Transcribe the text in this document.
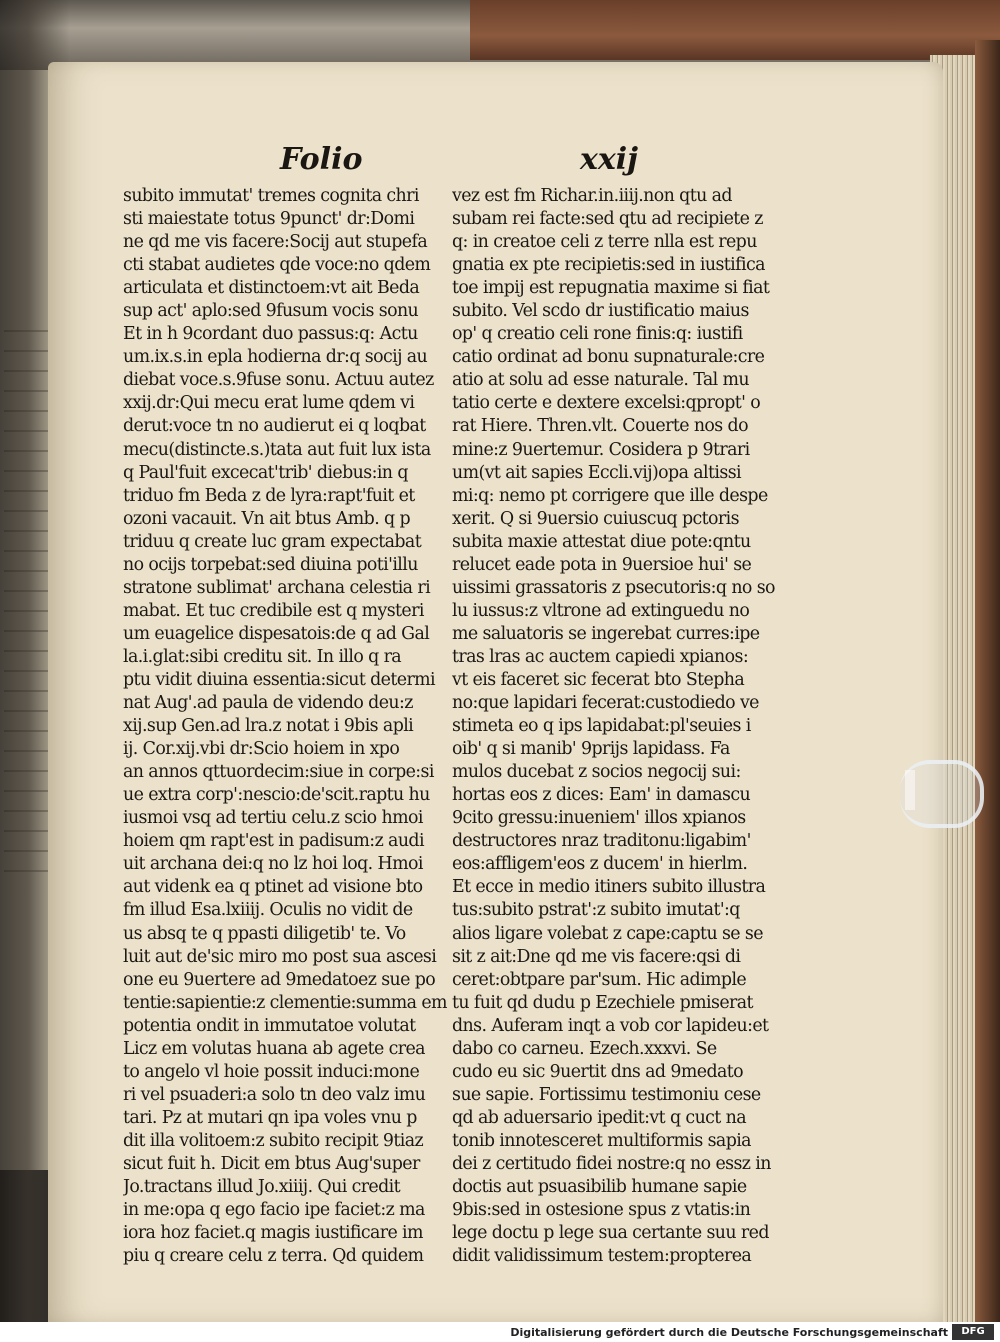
Folio	xxij
subito immutat' tremes cognita chri
sti maiestate totus 9punct' dr:Domi
ne qd me vis facere:Socij aut stupefa
cti stabat audietes qde voce:no qdem
articulata et distinctoem:vt ait Beda
sup act' aplo:sed 9fusum vocis sonu
Et in h 9cordant duo passus:q: Actu
um.ix.s.in epla hodierna dr:q socij au
diebat voce.s.9fuse sonu. Actuu autez
xxij.dr:Qui mecu erat lume qdem vi
derut:voce tn no audierut ei q loqbat
mecu(distincte.s.)tata aut fuit lux ista
q Paul'fuit excecat'trib' diebus:in q
triduo fm Beda z de lyra:rapt'fuit et
ozoni vacauit. Vn ait btus Amb. q p
triduu q create luc gram expectabat
no ocijs torpebat:sed diuina poti'illu
stratone sublimat' archana celestia ri
mabat. Et tuc credibile est q mysteri
um euagelice dispesatois:de q ad Gal
la.i.glat:sibi creditu sit. In illo q ra
ptu vidit diuina essentia:sicut determi
nat Aug'.ad paula de videndo deu:z
xij.sup Gen.ad lra.z notat i 9bis apli
ij. Cor.xij.vbi dr:Scio hoiem in xpo
an annos qttuordecim:siue in corpe:si
ue extra corp':nescio:de'scit.raptu hu
iusmoi vsq ad tertiu celu.z scio hmoi
hoiem qm rapt'est in padisum:z audi
uit archana dei:q no lz hoi loq. Hmoi
aut videnk ea q ptinet ad visione bto
fm illud Esa.lxiiij. Oculis no vidit de
us absq te q ppasti diligetib' te. Vo
luit aut de'sic miro mo post sua ascesi
one eu 9uertere ad 9medatoez sue po
tentie:sapientie:z clementie:summa em
potentia ondit in immutatoe volutat
Licz em volutas huana ab agete crea
to angelo vl hoie possit induci:mone
ri vel psuaderi:a solo tn deo valz imu
tari. Pz at mutari qn ipa voles vnu p
dit illa volitoem:z subito recipit 9tiaz
sicut fuit h. Dicit em btus Aug'super
Jo.tractans illud Jo.xiiij. Qui credit
in me:opa q ego facio ipe faciet:z ma
iora hoz faciet.q magis iustificare im
piu q creare celu z terra. Qd quidem
vez est fm Richar.in.iiij.non qtu ad
subam rei facte:sed qtu ad recipiete z
q: in creatoe celi z terre nlla est repu
gnatia ex pte recipietis:sed in iustifica
toe impij est repugnatia maxime si fiat
subito. Vel scdo dr iustificatio maius
op' q creatio celi rone finis:q: iustifi
catio ordinat ad bonu supnaturale:cre
atio at solu ad esse naturale. Tal mu
tatio certe e dextere excelsi:qpropt' o
rat Hiere. Thren.vlt. Couerte nos do
mine:z 9uertemur. Cosidera p 9trari
um(vt ait sapies Eccli.vij)opa altissi
mi:q: nemo pt corrigere que ille despe
xerit. Q si 9uersio cuiuscuq pctoris
subita maxie attestat diue pote:qntu
relucet eade pota in 9uersioe hui' se
uissimi grassatoris z psecutoris:q no so
lu iussus:z vltrone ad extinguedu no
me saluatoris se ingerebat curres:ipe
tras lras ac auctem capiedi xpianos:
vt eis faceret sic fecerat bto Stepha
no:que lapidari fecerat:custodiedo ve
stimeta eo q ips lapidabat:pl'seuies i
oib' q si manib' 9prijs lapidass. Fa
mulos ducebat z socios negocij sui:
hortas eos z dices: Eam' in damascu
9cito gressu:inueniem' illos xpianos
destructores nraz traditonu:ligabim'
eos:affligem'eos z ducem' in hierlm.
Et ecce in medio itiners subito illustra
tus:subito pstrat':z subito imutat':q
alios ligare volebat z cape:captu se se
sit z ait:Dne qd me vis facere:qsi di
ceret:obtpare par'sum. Hic adimple
tu fuit qd dudu p Ezechiele pmiserat
dns. Auferam inqt a vob cor lapideu:et
dabo co carneu. Ezech.xxxvi. Se
cudo eu sic 9uertit dns ad 9medato
sue sapie. Fortissimu testimoniu cese
qd ab aduersario ipedit:vt q cuct na
tonib innotesceret multiformis sapia
dei z certitudo fidei nostre:q no essz in
doctis aut psuasibilib humane sapie
9bis:sed in ostesione spus z vtatis:in
lege doctu p lege sua certante suu red
didit validissimum testem:propterea
Digitalisierung gefördert durch die Deutsche Forschungsgemeinschaft	DFG
